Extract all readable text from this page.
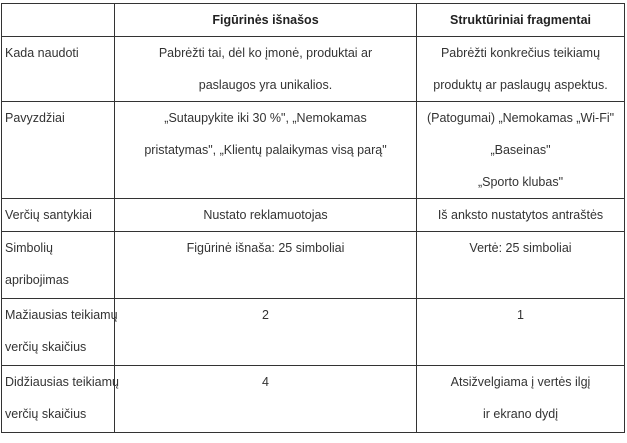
	Figūrinės išnašos	Struktūriniai fragmentai

Kada naudoti	Pabrėžti tai, dėl ko įmonė, produktai ar
paslaugos yra unikalios.	Pabrėžti konkrečius teikiamų
produktų ar paslaugų aspektus.

Pavyzdžiai	„Sutaupykite iki 30 %", „Nemokamas
pristatymas", „Klientų palaikymas visą parą"	(Patogumai) „Nemokamas „Wi-Fi"
„Baseinas"
„Sporto klubas"

Verčių santykiai	Nustato reklamuotojas	Iš anksto nustatytos antraštės

Simbolių
apribojimas	Figūrinė išnaša: 25 simboliai	Vertė: 25 simboliai

Mažiausias teikiamų
verčių skaičius	2	1

Didžiausias teikiamų
verčių skaičius	4	Atsižvelgiama į vertės ilgį
ir ekrano dydį
